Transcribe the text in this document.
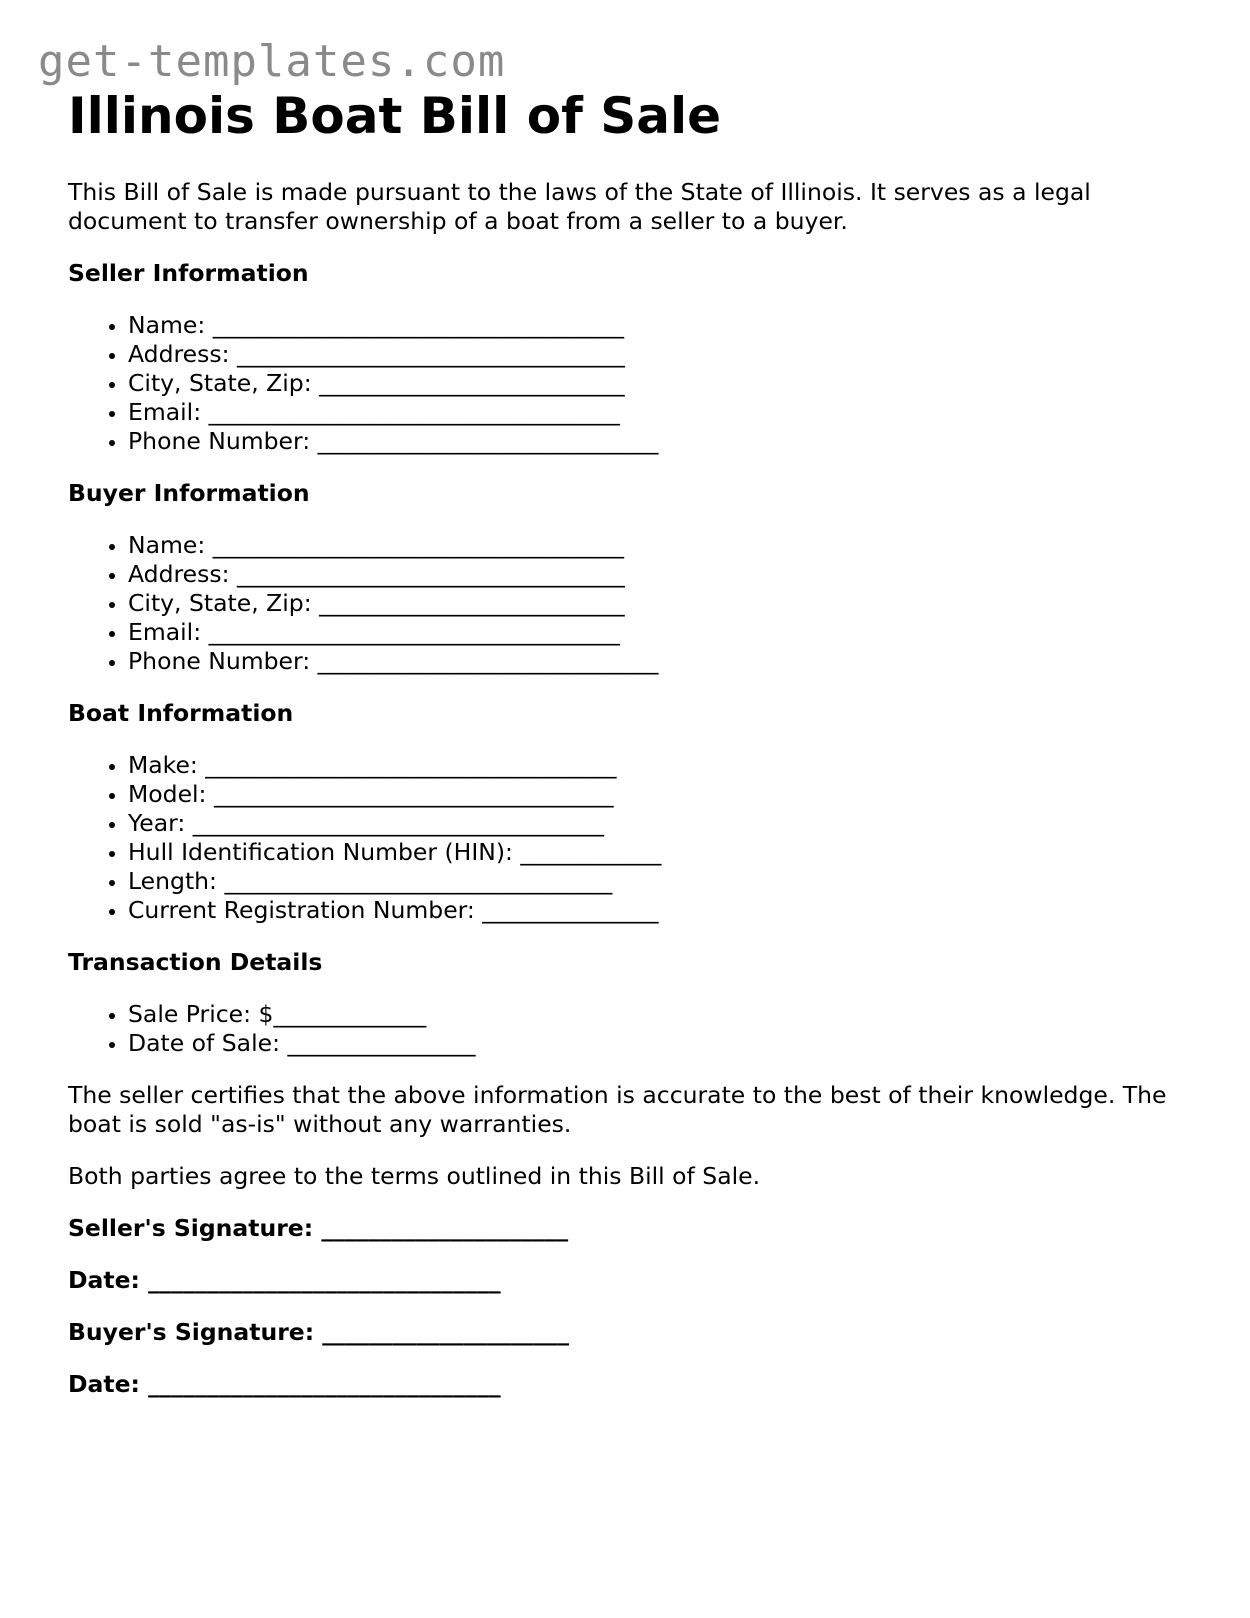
get-templates.com
Illinois Boat Bill of Sale

This Bill of Sale is made pursuant to the laws of the State of Illinois. It serves as a legal document to transfer ownership of a boat from a seller to a buyer.

Seller Information
• Name: ___________________________________
• Address: _________________________________
• City, State, Zip: __________________________
• Email: ___________________________________
• Phone Number: _____________________________
Buyer Information
• Name: ___________________________________
• Address: _________________________________
• City, State, Zip: __________________________
• Email: ___________________________________
• Phone Number: _____________________________
Boat Information
• Make: ___________________________________
• Model: __________________________________
• Year: ___________________________________
• Hull Identification Number (HIN): ____________
• Length: _________________________________
• Current Registration Number: _______________
Transaction Details
• Sale Price: $_____________
• Date of Sale: ________________

The seller certifies that the above information is accurate to the best of their knowledge. The boat is sold "as-is" without any warranties.

Both parties agree to the terms outlined in this Bill of Sale.

Seller's Signature: _____________________
Date: ______________________________
Buyer's Signature: _____________________
Date: ______________________________
